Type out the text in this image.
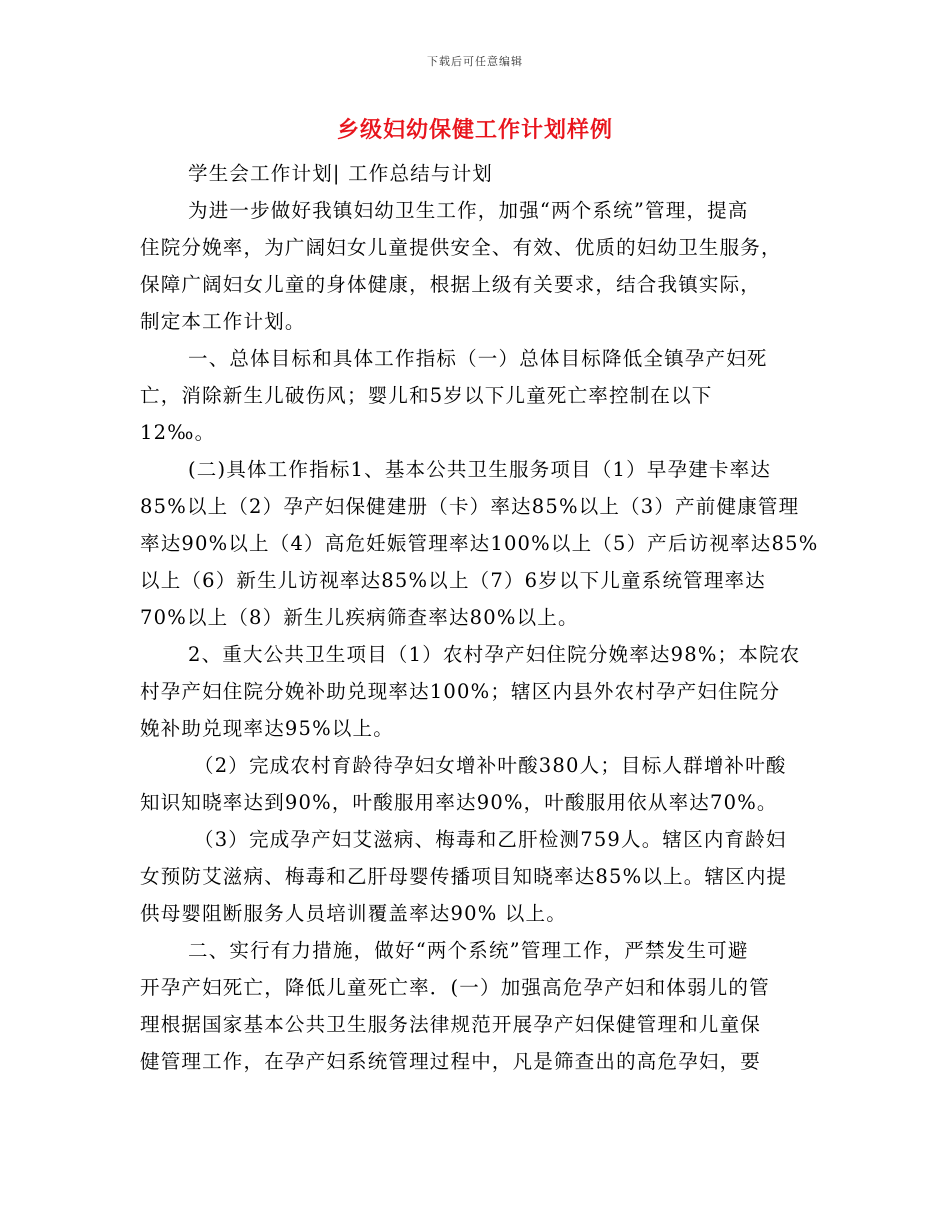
下载后可任意编辑
乡级妇幼保健工作计划样例
学生会工作计划| 工作总结与计划
为进一步做好我镇妇幼卫生工作，加强“两个系统”管理，提高
住院分娩率，为广阔妇女儿童提供安全、有效、优质的妇幼卫生服务，
保障广阔妇女儿童的身体健康，根据上级有关要求，结合我镇实际，
制定本工作计划。
一、总体目标和具体工作指标（一）总体目标降低全镇孕产妇死
亡，消除新生儿破伤风；婴儿和5岁以下儿童死亡率控制在以下
12‰。
(二)具体工作指标1、基本公共卫生服务项目（1）早孕建卡率达
85%以上（2）孕产妇保健建册（卡）率达85%以上（3）产前健康管理
率达90%以上（4）高危妊娠管理率达100%以上（5）产后访视率达85%
以上（6）新生儿访视率达85%以上（7）6岁以下儿童系统管理率达
70%以上（8）新生儿疾病筛查率达80%以上。
2、重大公共卫生项目（1）农村孕产妇住院分娩率达98%；本院农
村孕产妇住院分娩补助兑现率达100%；辖区内县外农村孕产妇住院分
娩补助兑现率达95%以上。
（2）完成农村育龄待孕妇女增补叶酸380人；目标人群增补叶酸
知识知晓率达到90%，叶酸服用率达90%，叶酸服用依从率达70%。
（3）完成孕产妇艾滋病、梅毒和乙肝检测759人。辖区内育龄妇
女预防艾滋病、梅毒和乙肝母婴传播项目知晓率达85%以上。辖区内提
供母婴阻断服务人员培训覆盖率达90% 以上。
二、实行有力措施，做好“两个系统”管理工作，严禁发生可避
开孕产妇死亡，降低儿童死亡率．(一）加强高危孕产妇和体弱儿的管
理根据国家基本公共卫生服务法律规范开展孕产妇保健管理和儿童保
健管理工作，在孕产妇系统管理过程中，凡是筛查出的高危孕妇，要
